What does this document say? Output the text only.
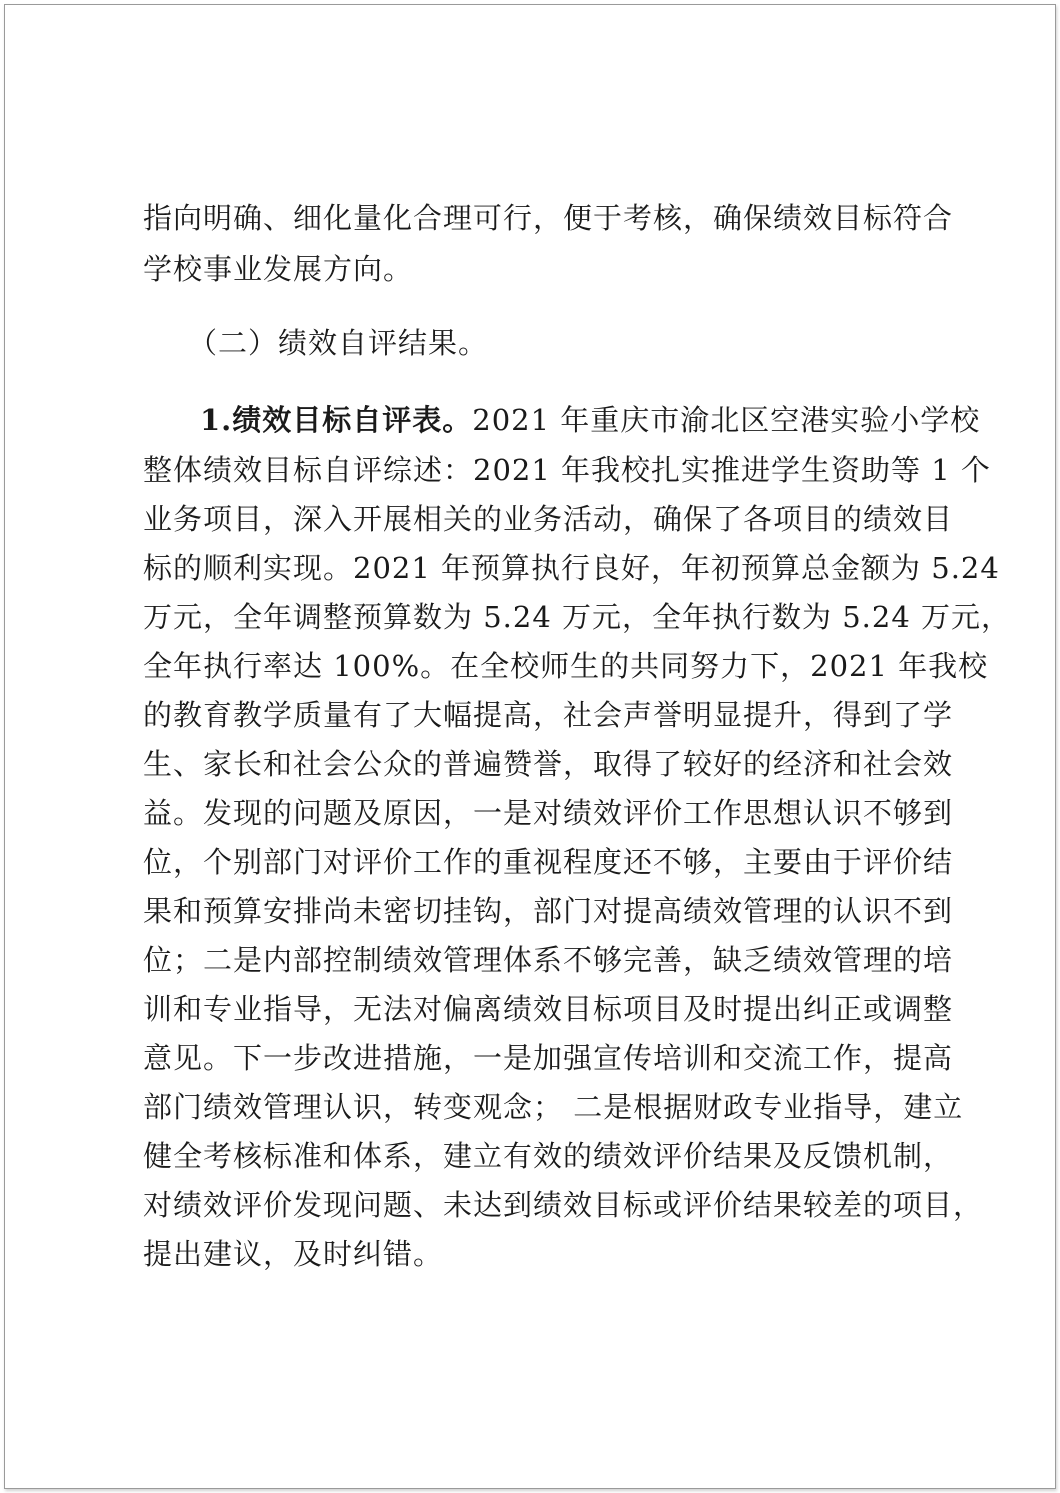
指向明确、细化量化合理可行，便于考核，确保绩效目标符合
学校事业发展方向。
（二）绩效自评结果。
1.绩效目标自评表。2021 年重庆市渝北区空港实验小学校
整体绩效目标自评综述：2021 年我校扎实推进学生资助等 1 个
业务项目，深入开展相关的业务活动，确保了各项目的绩效目
标的顺利实现。2021 年预算执行良好，年初预算总金额为 5.24
万元，全年调整预算数为 5.24 万元，全年执行数为 5.24 万元，
全年执行率达 100%。在全校师生的共同努力下，2021 年我校
的教育教学质量有了大幅提高，社会声誉明显提升，得到了学
生、家长和社会公众的普遍赞誉，取得了较好的经济和社会效
益。发现的问题及原因，一是对绩效评价工作思想认识不够到
位，个别部门对评价工作的重视程度还不够，主要由于评价结
果和预算安排尚未密切挂钩，部门对提高绩效管理的认识不到
位；二是内部控制绩效管理体系不够完善，缺乏绩效管理的培
训和专业指导，无法对偏离绩效目标项目及时提出纠正或调整
意见。下一步改进措施，一是加强宣传培训和交流工作，提高
部门绩效管理认识，转变观念； 二是根据财政专业指导，建立
健全考核标准和体系，建立有效的绩效评价结果及反馈机制，
对绩效评价发现问题、未达到绩效目标或评价结果较差的项目，
提出建议，及时纠错。
